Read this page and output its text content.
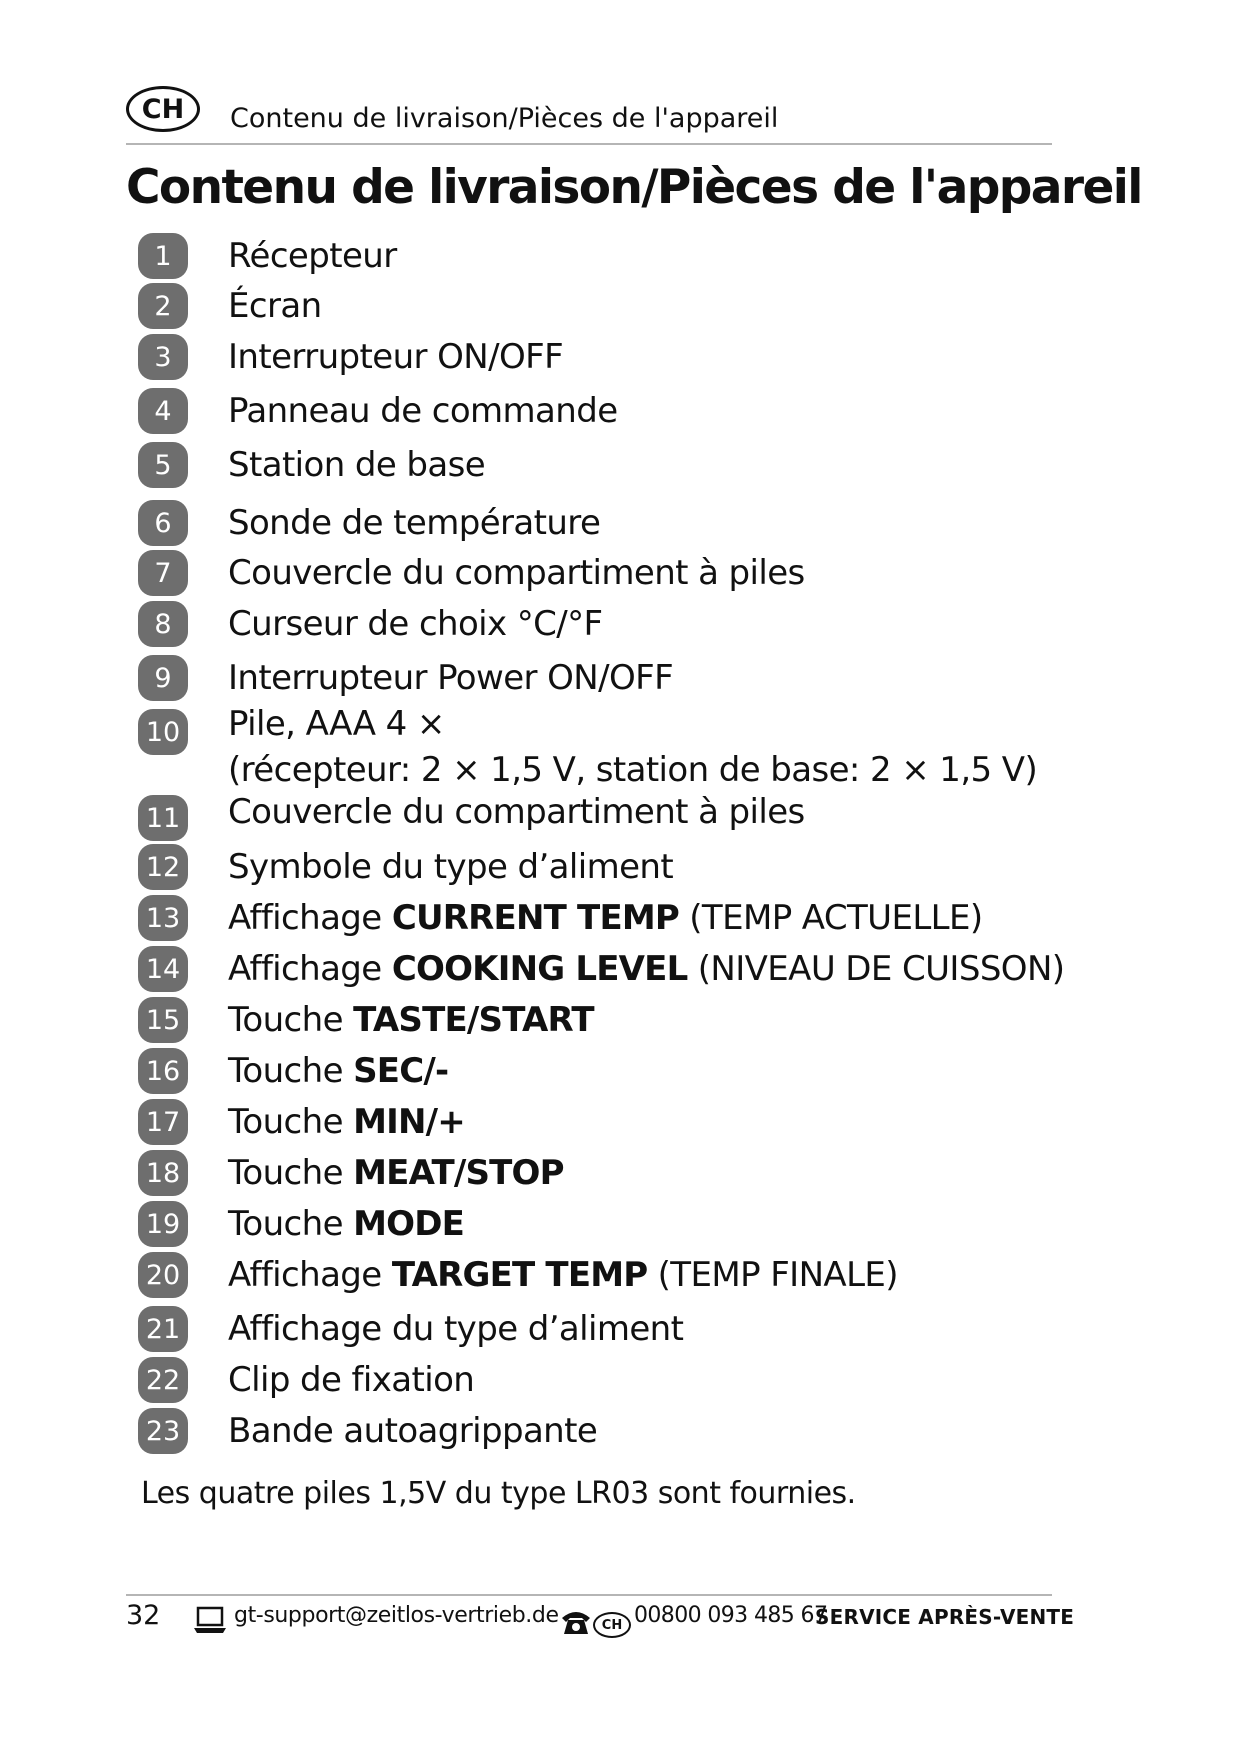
CH	Contenu de livraison/Pièces de l'appareil
Contenu de livraison/Pièces de l'appareil
1	Récepteur
2	Écran
3	Interrupteur ON/OFF
4	Panneau de commande
5	Station de base
6	Sonde de température
7	Couvercle du compartiment à piles
8	Curseur de choix °C/°F
9	Interrupteur Power ON/OFF
10 Pile, AAA 4 ×
(récepteur: 2 × 1,5 V, station de base: 2 × 1,5 V)
11 Couvercle du compartiment à piles
12 Symbole du type d’aliment
13 Affichage CURRENT TEMP (TEMP ACTUELLE)
14 Affichage COOKING LEVEL (NIVEAU DE CUISSON)
15 Touche TASTE/START
16 Touche SEC/-
17 Touche MIN/+
18 Touche MEAT/STOP
19 Touche MODE
20 Affichage TARGET TEMP (TEMP FINALE)
21 Affichage du type d’aliment
22 Clip de fixation
23 Bande autoagrippante
Les quatre piles 1,5V du type LR03 sont fournies.
32	gt-support@zeitlos-vertrieb.de	CH 00800 093 485 67
SERVICE APRÈS-VENTE
